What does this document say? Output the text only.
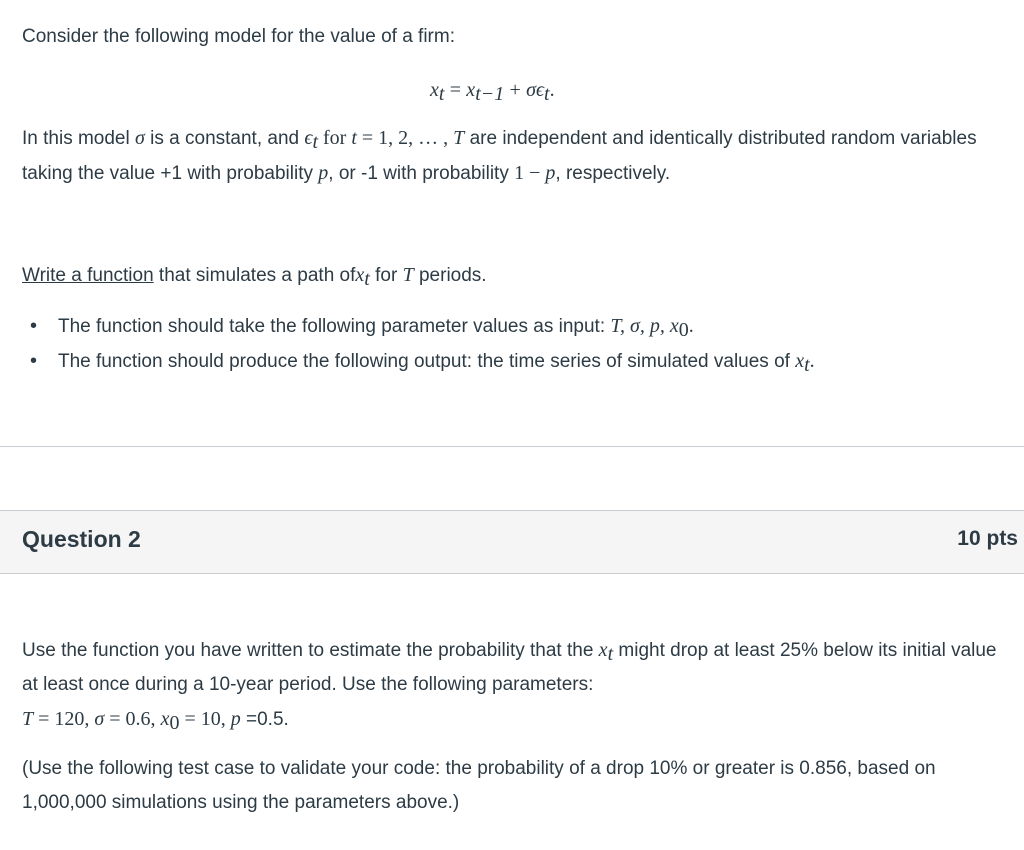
Consider the following model for the value of a firm:

$x_t = x_{t-1} + \sigma\epsilon_t$.

In this model σ is a constant, and $\epsilon_t$ for t = 1, 2, … , T are independent and identically distributed random variables taking the value +1 with probability p, or -1 with probability 1 − p, respectively.

Write a function that simulates a path ofx$_t$ for T periods.

• The function should take the following parameter values as input: T, σ, p, $x_0$.
• The function should produce the following output: the time series of simulated values of $x_t$.
Question 2	10 pts

Use the function you have written to estimate the probability that the $x_t$ might drop at least 25% below its initial value at least once during a 10-year period. Use the following parameters:
T = 120, σ = 0.6, $x_0 = 10$, p =0.5.

(Use the following test case to validate your code: the probability of a drop 10% or greater is 0.856, based on 1,000,000 simulations using the parameters above.)
